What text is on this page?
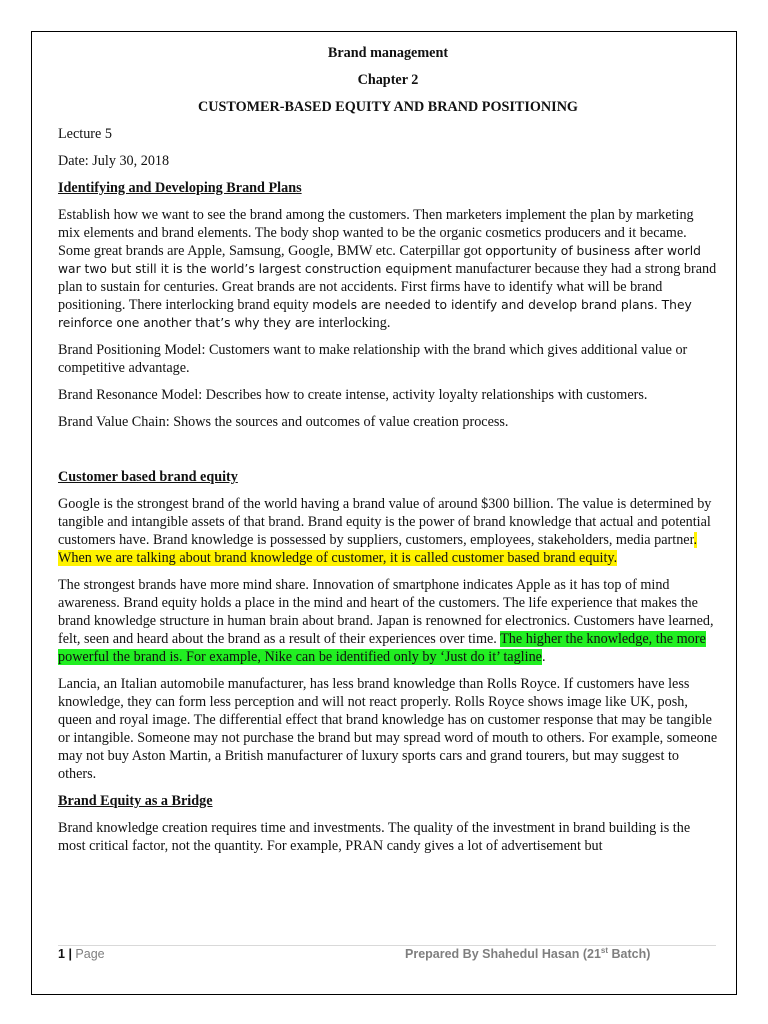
Brand management
Chapter 2
CUSTOMER-BASED EQUITY AND BRAND POSITIONING

Lecture 5

Date: July 30, 2018

Identifying and Developing Brand Plans

Establish how we want to see the brand among the customers. Then marketers implement the plan by marketing mix elements and brand elements. The body shop wanted to be the organic cosmetics producers and it became. Some great brands are Apple, Samsung, Google, BMW etc. Caterpillar got opportunity of business after world war two but still it is the world’s largest construction equipment manufacturer because they had a strong brand plan to sustain for centuries. Great brands are not accidents. First firms have to identify what will be brand positioning. There interlocking brand equity models are needed to identify and develop brand plans. They reinforce one another that’s why they are interlocking.

Brand Positioning Model: Customers want to make relationship with the brand which gives additional value or competitive advantage.

Brand Resonance Model: Describes how to create intense, activity loyalty relationships with customers.

Brand Value Chain: Shows the sources and outcomes of value creation process.

Customer based brand equity

Google is the strongest brand of the world having a brand value of around $300 billion. The value is determined by tangible and intangible assets of that brand. Brand equity is the power of brand knowledge that actual and potential customers have. Brand knowledge is possessed by suppliers, customers, employees, stakeholders, media partner. When we are talking about brand knowledge of customer, it is called customer based brand equity.

The strongest brands have more mind share. Innovation of smartphone indicates Apple as it has top of mind awareness. Brand equity holds a place in the mind and heart of the customers. The life experience that makes the brand knowledge structure in human brain about brand. Japan is renowned for electronics. Customers have learned, felt, seen and heard about the brand as a result of their experiences over time. The higher the knowledge, the more powerful the brand is. For example, Nike can be identified only by ‘Just do it’ tagline.

Lancia, an Italian automobile manufacturer, has less brand knowledge than Rolls Royce. If customers have less knowledge, they can form less perception and will not react properly. Rolls Royce shows image like UK, posh, queen and royal image. The differential effect that brand knowledge has on customer response that may be tangible or intangible. Someone may not purchase the brand but may spread word of mouth to others. For example, someone may not buy Aston Martin, a British manufacturer of luxury sports cars and grand tourers, but may suggest to others.

Brand Equity as a Bridge

Brand knowledge creation requires time and investments. The quality of the investment in brand building is the most critical factor, not the quantity. For example, PRAN candy gives a lot of advertisement but

1 | Page	Prepared By Shahedul Hasan (21st Batch)
